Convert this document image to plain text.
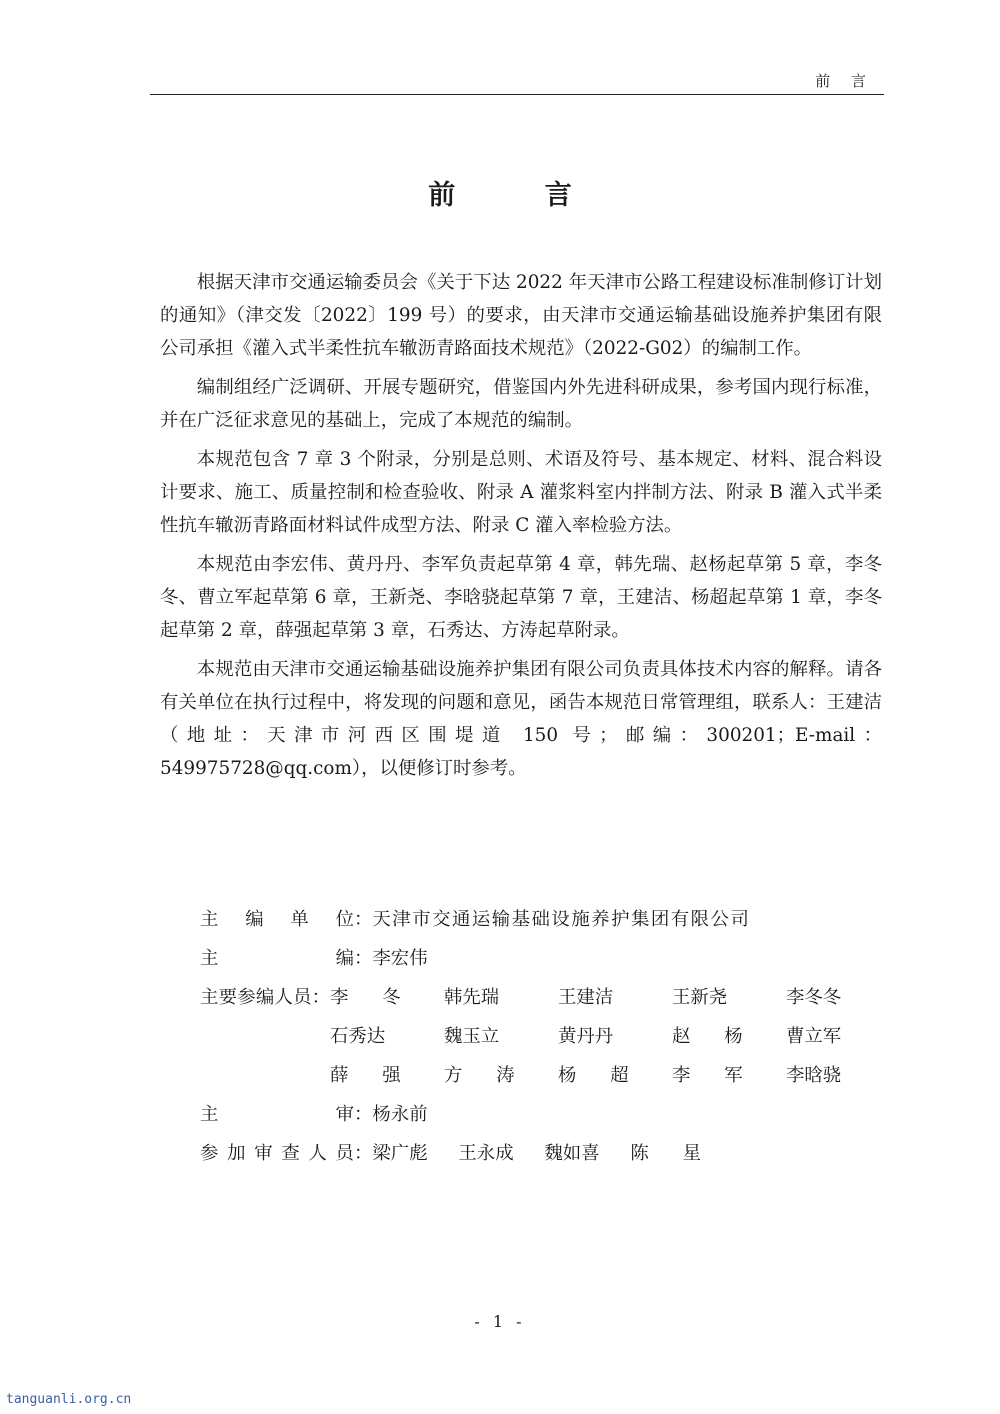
前 言
前 言

根据天津市交通运输委员会《关于下达 2022 年天津市公路工程建设标准制修订计划的通知》（津交发〔2022〕199 号）的要求，由天津市交通运输基础设施养护集团有限公司承担《灌入式半柔性抗车辙沥青路面技术规范》（2022-G02）的编制工作。

编制组经广泛调研、开展专题研究，借鉴国内外先进科研成果，参考国内现行标准，并在广泛征求意见的基础上，完成了本规范的编制。

本规范包含 7 章 3 个附录，分别是总则、术语及符号、基本规定、材料、混合料设计要求、施工、质量控制和检查验收、附录 A 灌浆料室内拌制方法、附录 B 灌入式半柔性抗车辙沥青路面材料试件成型方法、附录 C 灌入率检验方法。

本规范由李宏伟、黄丹丹、李军负责起草第 4 章，韩先瑞、赵杨起草第 5 章，李冬冬、曹立军起草第 6 章，王新尧、李晗骁起草第 7 章，王建洁、杨超起草第 1 章，李冬起草第 2 章，薛强起草第 3 章，石秀达、方涛起草附录。

本规范由天津市交通运输基础设施养护集团有限公司负责具体技术内容的解释。请各有关单位在执行过程中，将发现的问题和意见，函告本规范日常管理组，联系人：王建洁（地址：天津市河西区围堤道 150 号；邮编：300201；E-mail：549975728@qq.com），以便修订时参考。

主 编 单 位 ： 天津市交通运输基础设施养护集团有限公司
主	编 ： 李宏伟
主 要 参 编 人 员 ： 李 冬	韩先瑞	王建洁	王新尧	李冬冬
石秀达	魏玉立	黄丹丹	赵 杨	曹立军
薛 强	方 涛	杨 超	李 军	李晗骁
主	审 ： 杨永前
参 加 审 查 人 员 ： 梁广彪	王永成	魏如喜	陈 星
- 1 -
tanguanli.org.cn
